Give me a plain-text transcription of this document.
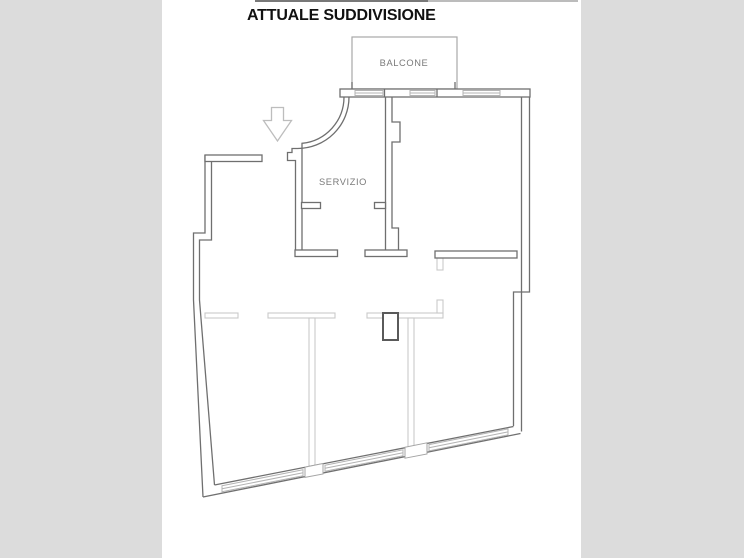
ATTUALE SUDDIVISIONE
BALCONE
SERVIZIO
